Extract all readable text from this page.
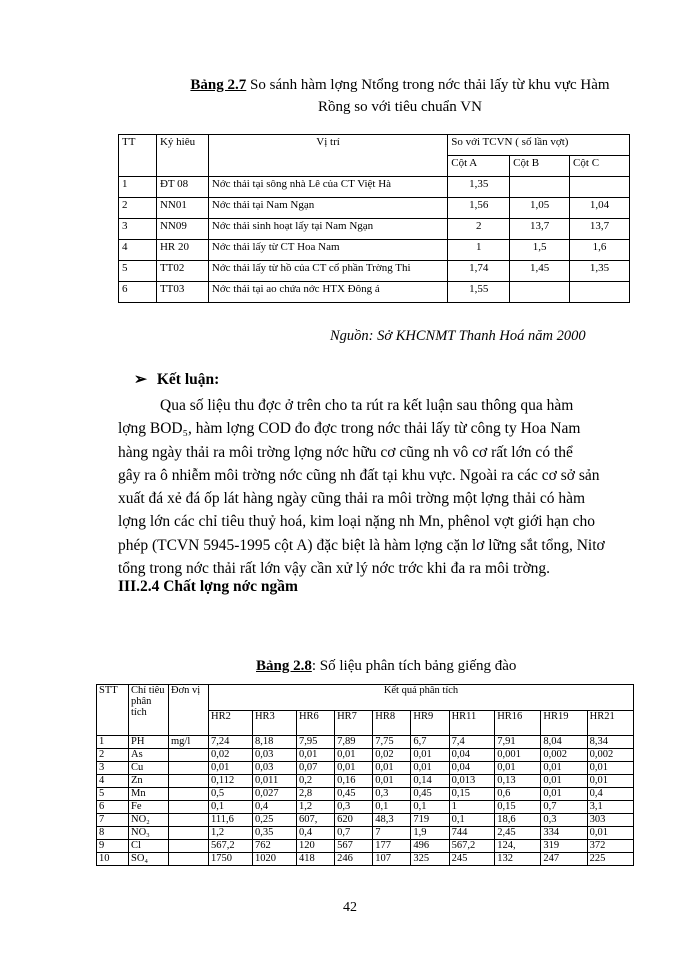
Bảng 2.7 So sánh hàm lợng Ntổng trong nớc thải lấy từ khu vực Hàm
Rồng so với tiêu chuẩn VN
TT	Ký hiêu	Vị trí	So với TCVN ( số lần vợt)		
			Cột A	Cột B	Cột C
1	ĐT 08	Nớc thải tại sông nhà Lê của CT Việt Hà	1,35		
2	NN01	Nớc thải tại Nam Ngạn	1,56	1,05	1,04
3	NN09	Nớc thải sinh hoạt lấy tại Nam Ngạn	2	13,7	13,7
4	HR 20	Nớc thải lấy từ CT Hoa Nam	1	1,5	1,6
5	TT02	Nớc thải lấy từ hồ của CT cổ phần Trờng Thi	1,74	1,45	1,35
6	TT03	Nớc thải tại ao chứa nớc HTX Đông á	1,55		
Nguồn: Sở KHCNMT Thanh Hoá năm 2000
➢ Kết luận:
Qua số liệu thu đợc ở trên cho ta rút ra kết luận sau thông qua hàm
lợng BOD₅, hàm lợng COD đo đợc trong nớc thải lấy từ công ty Hoa Nam
hàng ngày thải ra môi trờng lợng nớc hữu cơ cũng nh vô cơ rất lớn có thể
gây ra ô nhiễm môi trờng nớc cũng nh đất tại khu vực. Ngoài ra các cơ sở sản
xuất đá xẻ đá ốp lát hàng ngày cũng thải ra môi trờng một lợng thải có hàm
lợng lớn các chỉ tiêu thuỷ hoá, kim loại nặng nh Mn, phênol vợt giới hạn cho
phép (TCVN 5945-1995 cột A) đặc biệt là hàm lợng cặn lơ lững sắt tổng, Nitơ
tổng trong nớc thải rất lớn vậy cần xử lý nớc trớc khi đa ra môi trờng.
III.2.4 Chất lợng nớc ngầm
Bảng 2.8: Số liệu phân tích bảng giếng đào
STT	Chỉ tiêu phân tích	Đơn vị	Kết quả phân tích									
			HR2	HR3	HR6	HR7	HR8	HR9	HR11	HR16	HR19	HR21
1	PH	mg/l	7,24	8,18	7,95	7,89	7,75	6,7	7,4	7,91	8,04	8,34
2	As		0,02	0,03	0,01	0,01	0,02	0,01	0,04	0,001	0,002	0,002
3	Cu		0,01	0,03	0,07	0,01	0,01	0,01	0,04	0,01	0,01	0,01
4	Zn		0,112	0,011	0,2	0,16	0,01	0,14	0,013	0,13	0,01	0,01
5	Mn		0,5	0,027	2,8	0,45	0,3	0,45	0,15	0,6	0,01	0,4
6	Fe		0,1	0,4	1,2	0,3	0,1	0,1	1	0,15	0,7	3,1
7	NO₂		111,6	0,25	607,	620	48,3	719	0,1	18,6	0,3	303
8	NO₃		1,2	0,35	0,4	0,7	7	1,9	744	2,45	334	0,01
9	Cl		567,2	762	120	567	177	496	567,2	124,	319	372
10	SO₄		1750	1020	418	246	107	325	245	132	247	225
42
